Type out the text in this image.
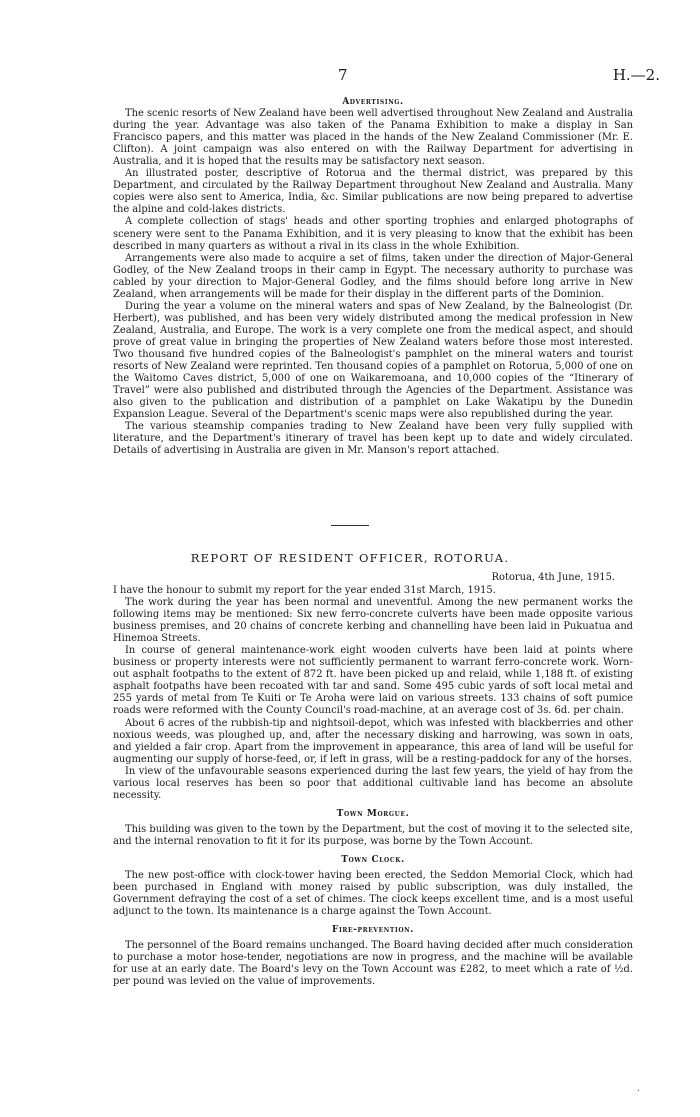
7	H.—2.
Advertising.

The scenic resorts of New Zealand have been well advertised throughout New Zealand and Australia during the year. Advantage was also taken of the Panama Exhibition to make a display in San Francisco papers, and this matter was placed in the hands of the New Zealand Commissioner (Mr. E. Clifton). A joint campaign was also entered on with the Railway Department for advertising in Australia, and it is hoped that the results may be satisfactory next season.

An illustrated poster, descriptive of Rotorua and the thermal district, was prepared by this Department, and circulated by the Railway Department throughout New Zealand and Australia. Many copies were also sent to America, India, &c. Similar publications are now being prepared to advertise the alpine and cold-lakes districts.

A complete collection of stags' heads and other sporting trophies and enlarged photographs of scenery were sent to the Panama Exhibition, and it is very pleasing to know that the exhibit has been described in many quarters as without a rival in its class in the whole Exhibition.

Arrangements were also made to acquire a set of films, taken under the direction of Major-General Godley, of the New Zealand troops in their camp in Egypt. The necessary authority to purchase was cabled by your direction to Major-General Godley, and the films should before long arrive in New Zealand, when arrangements will be made for their display in the different parts of the Dominion.

During the year a volume on the mineral waters and spas of New Zealand, by the Balneologist (Dr. Herbert), was published, and has been very widely distributed among the medical profession in New Zealand, Australia, and Europe. The work is a very complete one from the medical aspect, and should prove of great value in bringing the properties of New Zealand waters before those most interested. Two thousand five hundred copies of the Balneologist's pamphlet on the mineral waters and tourist resorts of New Zealand were reprinted. Ten thousand copies of a pamphlet on Rotorua, 5,000 of one on the Waitomo Caves district, 5,000 of one on Waikaremoana, and 10,000 copies of the “Itinerary of Travel” were also published and distributed through the Agencies of the Department. Assistance was also given to the publication and distribution of a pamphlet on Lake Wakatipu by the Dunedin Expansion League. Several of the Department's scenic maps were also republished during the year.

The various steamship companies trading to New Zealand have been very fully supplied with literature, and the Department's itinerary of travel has been kept up to date and widely circulated. Details of advertising in Australia are given in Mr. Manson's report attached.

REPORT OF RESIDENT OFFICER, ROTORUA.
Rotorua, 4th June, 1915.

I have the honour to submit my report for the year ended 31st March, 1915.

The work during the year has been normal and uneventful. Among the new permanent works the following items may be mentioned: Six new ferro-concrete culverts have been made opposite various business premises, and 20 chains of concrete kerbing and channelling have been laid in Pukuatua and Hinemoa Streets.

In course of general maintenance-work eight wooden culverts have been laid at points where business or property interests were not sufficiently permanent to warrant ferro-concrete work. Worn-out asphalt footpaths to the extent of 872 ft. have been picked up and relaid, while 1,188 ft. of existing asphalt footpaths have been recoated with tar and sand. Some 495 cubic yards of soft local metal and 255 yards of metal from Te Kuiti or Te Aroha were laid on various streets. 133 chains of soft pumice roads were reformed with the County Council's road-machine, at an average cost of 3s. 6d. per chain.

About 6 acres of the rubbish-tip and nightsoil-depot, which was infested with blackberries and other noxious weeds, was ploughed up, and, after the necessary disking and harrowing, was sown in oats, and yielded a fair crop. Apart from the improvement in appearance, this area of land will be useful for augmenting our supply of horse-feed, or, if left in grass, will be a resting-paddock for any of the horses.

In view of the unfavourable seasons experienced during the last few years, the yield of hay from the various local reserves has been so poor that additional cultivable land has become an absolute necessity.

Town Morgue.

This building was given to the town by the Department, but the cost of moving it to the selected site, and the internal renovation to fit it for its purpose, was borne by the Town Account.

Town Clock.

The new post-office with clock-tower having been erected, the Seddon Memorial Clock, which had been purchased in England with money raised by public subscription, was duly installed, the Government defraying the cost of a set of chimes. The clock keeps excellent time, and is a most useful adjunct to the town. Its maintenance is a charge against the Town Account.

Fire-prevention.

The personnel of the Board remains unchanged. The Board having decided after much consideration to purchase a motor hose-tender, negotiations are now in progress, and the machine will be available for use at an early date. The Board's levy on the Town Account was £282, to meet which a rate of ½d. per pound was levied on the value of improvements.

·
